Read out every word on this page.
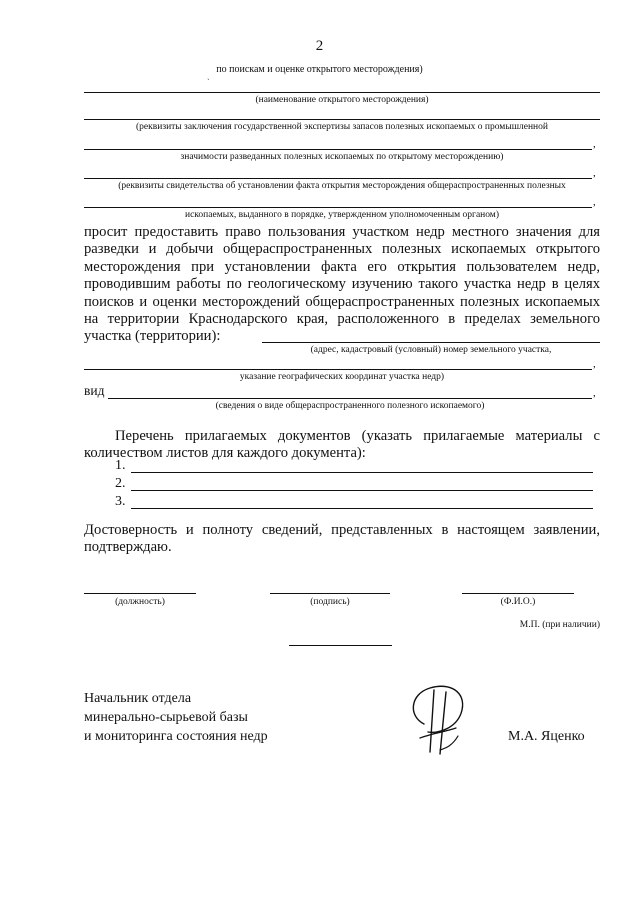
2
по поискам и оценке открытого месторождения)
ˎ
(наименование открытого месторождения)
(реквизиты заключения государственной экспертизы запасов полезных ископаемых о промышленной
,
значимости разведанных полезных ископаемых по открытому месторождению)
,
(реквизиты свидетельства об установлении факта открытия месторождения общераспространенных полезных
,
ископаемых, выданного в порядке, утвержденном уполномоченным органом)
просит предоставить право пользования участком недр местного значения для разведки и добычи общераспространенных полезных ископаемых открытого месторождения при установлении факта его открытия пользователем недр, проводившим работы по геологическому изучению такого участка недр в целях поисков и оценки месторождений общераспространенных полезных ископаемых на территории Краснодарского края, расположенного в пределах земельного участка (территории):
(адрес, кадастровый (условный) номер земельного участка,
,
указание географических координат участка недр)
вид	,
(сведения о виде общераспространенного полезного ископаемого)
Перечень прилагаемых документов (указать прилагаемые материалы с количеством листов для каждого документа):
1.
2.
3.
Достоверность и полноту сведений, представленных в настоящем заявлении, подтверждаю.
(должность)	(подпись)	(Ф.И.О.)
М.П. (при наличии)
Начальник отдела
минерально-сырьевой базы
и мониторинга состояния недр	М.А. Яценко
